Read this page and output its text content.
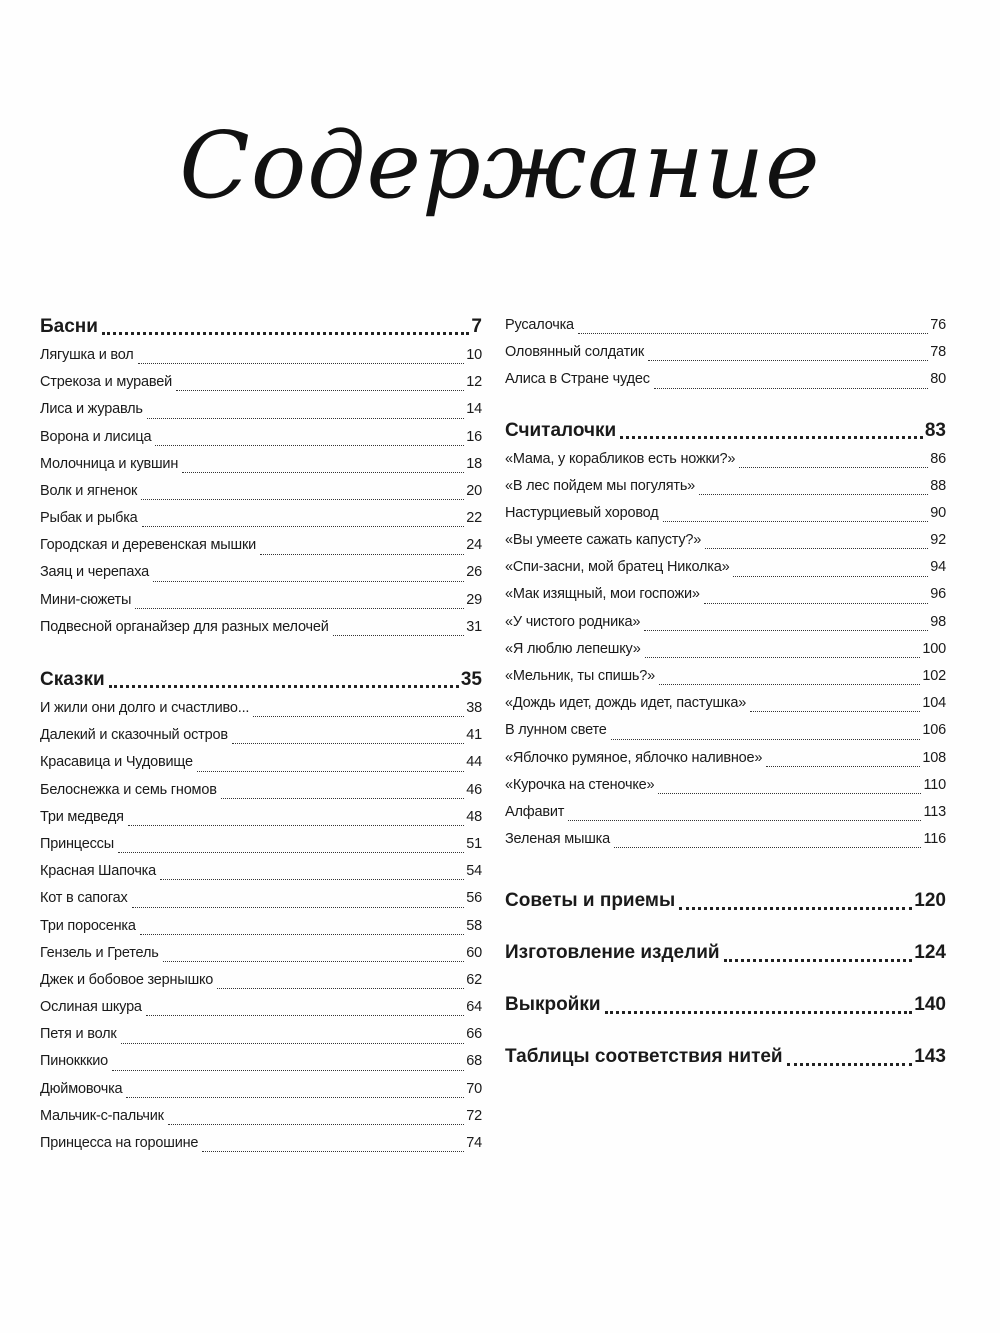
Содержание
Басни	7
Лягушка и вол	10
Стрекоза и муравей	12
Лиса и журавль	14
Ворона и лисица	16
Молочница и кувшин	18
Волк и ягненок	20
Рыбак и рыбка	22
Городская и деревенская мышки	24
Заяц и черепаха	26
Мини-сюжеты	29
Подвесной органайзер для разных мелочей	31
Сказки	35
И жили они долго и счастливо...	38
Далекий и сказочный остров	41
Красавица и Чудовище	44
Белоснежка и семь гномов	46
Три медведя	48
Принцессы	51
Красная Шапочка	54
Кот в сапогах	56
Три поросенка	58
Гензель и Гретель	60
Джек и бобовое зернышко	62
Ослиная шкура	64
Петя и волк	66
Пинокккио	68
Дюймовочка	70
Мальчик-с-пальчик	72
Принцесса на горошине	74
Русалочка	76
Оловянный солдатик	78
Алиса в Стране чудес	80
Считалочки	83
«Мама, у корабликов есть ножки?»	86
«В лес пойдем мы погулять»	88
Настурциевый хоровод	90
«Вы умеете сажать капусту?»	92
«Спи-засни, мой братец Николка»	94
«Мак изящный, мои госпожи»	96
«У чистого родника»	98
«Я люблю лепешку»	100
«Мельник, ты спишь?»	102
«Дождь идет, дождь идет, пастушка»	104
В лунном свете	106
«Яблочко румяное, яблочко наливное»	108
«Курочка на стеночке»	110
Алфавит	113
Зеленая мышка	116
Советы и приемы	120
Изготовление изделий	124
Выкройки	140
Таблицы соответствия нитей	143
